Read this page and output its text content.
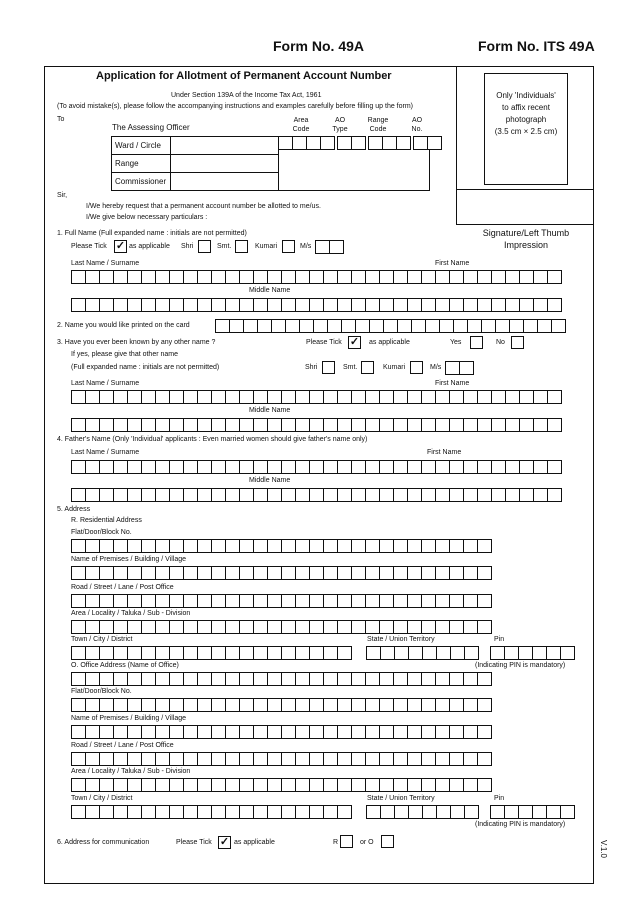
Form No. 49A	Form No. ITS 49A
Only 'Individuals'
to affix recent
photograph
(3.5 cm × 2.5 cm)
Signature/Left Thumb
Impression
Application for Allotment of Permanent Account Number
Under Section 139A of the Income Tax Act, 1961
(To avoid mistake(s), please follow the accompanying instructions and examples carefully before filling up the form)
To
The Assessing Officer
Area
Code
AO
Type
Range
Code
AO
No.
Ward / Circle	
Range	
Commissioner	
Sir,
I/We hereby request that a permanent account number be allotted to me/us.
I/We give below necessary particulars :
1. Full Name (Full expanded name : initials are not permitted)
Please Tick ✓ as applicable Shri	Smt.	Kumari	M/s
Last Name / Surname	First Name
Middle Name
2. Name you would like printed on the card
3. Have you ever been known by any other name ?	Please Tick ✓ as applicable	Yes	No
If yes, please give that other name
(Full expanded name : initials are not permitted)	Shri	Smt.	Kumari	M/s
Last Name / Surname	First Name
Middle Name
4. Father's Name (Only 'Individual' applicants : Even married women should give father's name only)
Last Name / Surname	First Name
Middle Name
5. Address
R. Residential Address
Flat/Door/Block No.
Name of Premises / Building / Village
Road / Street / Lane / Post Office
Area / Locality / Taluka / Sub - Division
Town / City / District	State / Union Territory	Pin
O. Office Address (Name of Office)	(Indicating PIN is mandatory)
Flat/Door/Block No.
Name of Premises / Building / Village
Road / Street / Lane / Post Office
Area / Locality / Taluka / Sub - Division
Town / City / District	State / Union Territory	Pin
(Indicating PIN is mandatory)
6. Address for communication	Please Tick ✓ as applicable	R	or O	V.1.0
